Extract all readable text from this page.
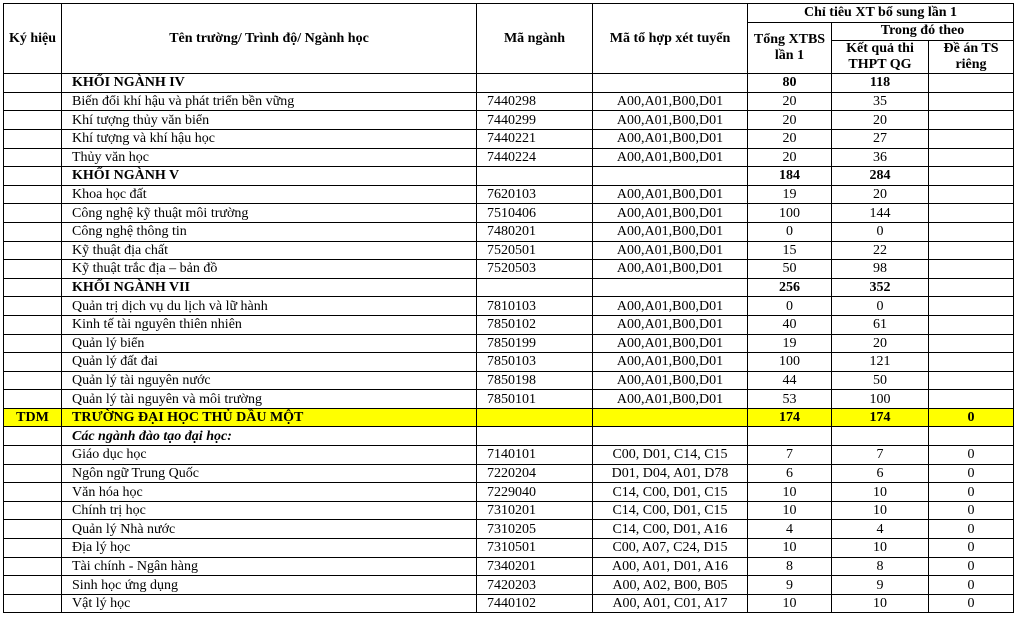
Ký hiệu	Tên trường/ Trình độ/ Ngành học	Mã ngành	Mã tổ hợp xét tuyển	Chỉ tiêu XT bổ sung lần 1		
				Tổng XTBS lần 1	Trong đó theo	
					Kết quả thi THPT QG	Đề án TS riêng
	KHỐI NGÀNH IV			80	118	
	Biến đổi khí hậu và phát triển bền vững	7440298	A00,A01,B00,D01	20	35	
	Khí tượng thủy văn biển	7440299	A00,A01,B00,D01	20	20	
	Khí tượng và khí hậu học	7440221	A00,A01,B00,D01	20	27	
	Thủy văn học	7440224	A00,A01,B00,D01	20	36	
	KHỐI NGÀNH V			184	284	
	Khoa học đất	7620103	A00,A01,B00,D01	19	20	
	Công nghệ kỹ thuật môi trường	7510406	A00,A01,B00,D01	100	144	
	Công nghệ thông tin	7480201	A00,A01,B00,D01	0	0	
	Kỹ thuật địa chất	7520501	A00,A01,B00,D01	15	22	
	Kỹ thuật trắc địa – bản đồ	7520503	A00,A01,B00,D01	50	98	
	KHỐI NGÀNH VII			256	352	
	Quản trị dịch vụ du lịch và lữ hành	7810103	A00,A01,B00,D01	0	0	
	Kinh tế tài nguyên thiên nhiên	7850102	A00,A01,B00,D01	40	61	
	Quản lý biển	7850199	A00,A01,B00,D01	19	20	
	Quản lý đất đai	7850103	A00,A01,B00,D01	100	121	
	Quản lý tài nguyên nước	7850198	A00,A01,B00,D01	44	50	
	Quản lý tài nguyên và môi trường	7850101	A00,A01,B00,D01	53	100	
TDM	TRƯỜNG ĐẠI HỌC THỦ DẦU MỘT			174	174	0
	Các ngành đào tạo đại học:					
	Giáo dục học	7140101	C00, D01, C14, C15	7	7	0
	Ngôn ngữ Trung Quốc	7220204	D01, D04, A01, D78	6	6	0
	Văn hóa học	7229040	C14, C00, D01, C15	10	10	0
	Chính trị học	7310201	C14, C00, D01, C15	10	10	0
	Quản lý Nhà nước	7310205	C14, C00, D01, A16	4	4	0
	Địa lý học	7310501	C00, A07, C24, D15	10	10	0
	Tài chính - Ngân hàng	7340201	A00, A01, D01, A16	8	8	0
	Sinh học ứng dụng	7420203	A00, A02, B00, B05	9	9	0
	Vật lý học	7440102	A00, A01, C01, A17	10	10	0
